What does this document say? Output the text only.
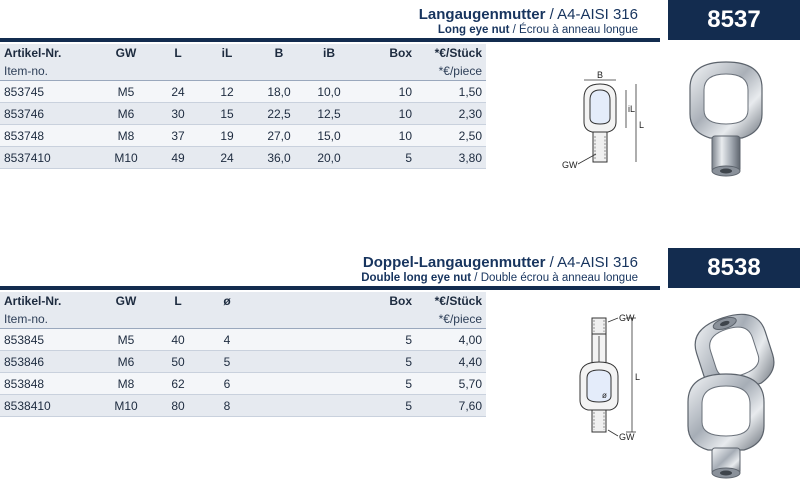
Langaugenmutter / A4-AISI 316
Long eye nut / Écrou à anneau longue	8537
Artikel-Nr.	GW	L	iL	B	iB	Box	*€/Stück
Item-no.							*€/piece
853745	M5	24	12	18,0	10,0	10	1,50
853746	M6	30	15	22,5	12,5	10	2,30
853748	M8	37	19	27,0	15,0	10	2,50
8537410	M10	49	24	36,0	20,0	5	3,80
B
iL
L
GW
Doppel-Langaugenmutter / A4-AISI 316
Double long eye nut / Double écrou à anneau longue	8538
Artikel-Nr.	GW	L	ø			Box	*€/Stück
Item-no.							*€/piece
853845	M5	40	4			5	4,00
853846	M6	50	5			5	4,40
853848	M8	62	6			5	5,70
8538410	M10	80	8			5	7,60
GW
ø
GW
L
